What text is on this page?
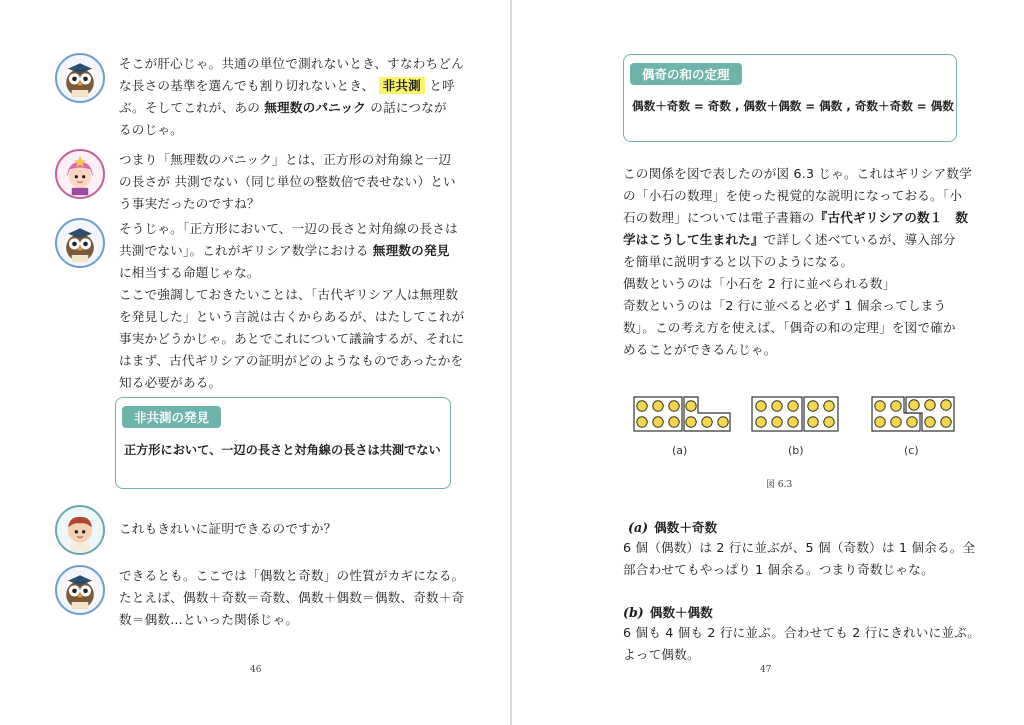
そこが肝心じゃ。共通の単位で測れないとき、すなわちどん
な長さの基準を選んでも割り切れないとき、 非共測 と呼
ぶ。そしてこれが、あの 無理数のパニック の話につなが
るのじゃ。
つまり「無理数のパニック」とは、正方形の対角線と一辺
の長さが 共測でない（同じ単位の整数倍で表せない）とい
う事実だったのですね？
そうじゃ。「正方形において、一辺の長さと対角線の長さは
共測でない」。これがギリシア数学における 無理数の発見
に相当する命題じゃな。
ここで強調しておきたいことは、「古代ギリシア人は無理数
を発見した」という言説は古くからあるが、はたしてこれが
事実かどうかじゃ。あとでこれについて議論するが、それに
はまず、古代ギリシアの証明がどのようなものであったかを
知る必要がある。
非共測の発見
正方形において、一辺の長さと対角線の長さは共測でない
これもきれいに証明できるのですか？
できるとも。ここでは「偶数と奇数」の性質がカギになる。
たとえば、偶数＋奇数＝奇数、偶数＋偶数＝偶数、奇数＋奇
数＝偶数…といった関係じゃ。
46
偶奇の和の定理
偶数＋奇数 = 奇数 , 偶数＋偶数 = 偶数 , 奇数＋奇数 = 偶数
この関係を図で表したのが図 6.3 じゃ。これはギリシア数学
の「小石の数理」を使った視覚的な説明になっておる。「小
石の数理」については電子書籍の『古代ギリシアの数１　数
学はこうして生まれた』で詳しく述べているが、導入部分
を簡単に説明すると以下のようになる。
偶数というのは「小石を 2 行に並べられる数」
奇数というのは「2 行に並べると必ず 1 個余ってしまう
数」。この考え方を使えば、「偶奇の和の定理」を図で確か
めることができるんじゃ。
(a)	(b)	(c)
図 6.3
(a) 偶数＋奇数
6 個（偶数）は 2 行に並ぶが、5 個（奇数）は 1 個余る。全
部合わせてもやっぱり 1 個余る。つまり奇数じゃな。
(b) 偶数＋偶数
6 個も 4 個も 2 行に並ぶ。合わせても 2 行にきれいに並ぶ。
よって偶数。
47
